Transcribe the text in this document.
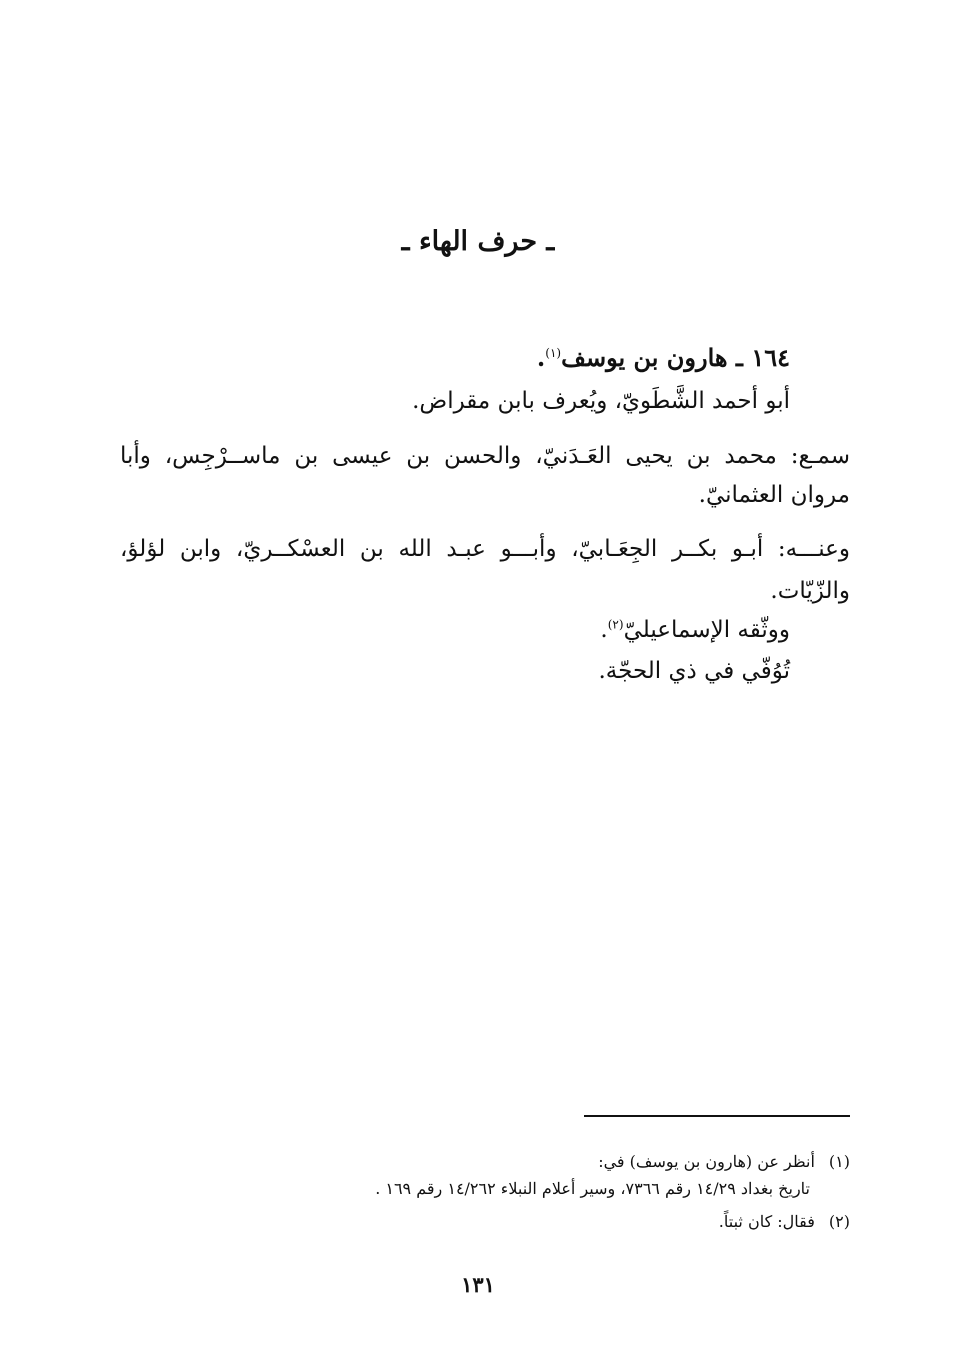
ـ حرف الهاء ـ
١٦٤ ـ هارون بن يوسف$^{(١)}$.
أبو أحمد الشَّطَويّ، ويُعرف بابن مقراض.
سمـع: محمد بن يحيى العَـدَنيّ، والحسن بن عيسى بن ماســرْجِس، وأبا
مروان العثمانيّ.
وعنـــه: أبـو بكــر الجِعَـابيّ، وأبـــو عبـد الله بن العسْكــريّ، وابن لؤلؤ،
والزّيّات.
ووثّقه الإسماعيليّ$^{(٢)}$.
تُوُفّي في ذي الحجّة.
(١)أنظر عن (هارون بن يوسف) في:
تاريخ بغداد ١٤/٢٩ رقم ٧٣٦٦، وسير أعلام النبلاء ١٤/٢٦٢ رقم ١٦٩ .
(٢)فقال: كان ثبتاً.
١٣١
